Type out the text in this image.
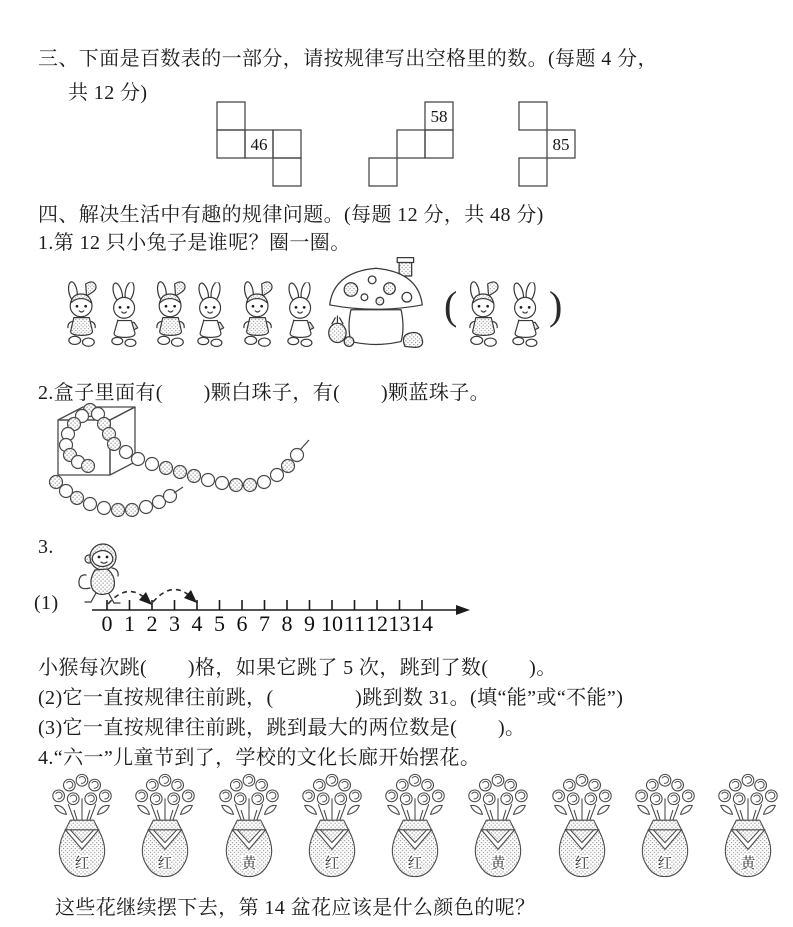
三、下面是百数表的一部分，请按规律写出空格里的数。(每题 4 分，
共 12 分)
46
58
85
四、解决生活中有趣的规律问题。(每题 12 分，共 48 分)
1.第 12 只小兔子是谁呢？圈一圈。
( )
2.盒子里面有(　　)颗白珠子，有(　　)颗蓝珠子。
3.
(1)
0 1 2 3 4 5 6 7 8 9 10 11 12 13 14
小猴每次跳(　　)格，如果它跳了 5 次，跳到了数(　　)。
(2)它一直按规律往前跳，(　　　　)跳到数 31。(填“能”或“不能”)
(3)它一直按规律往前跳，跳到最大的两位数是(　　)。
4.“六一”儿童节到了，学校的文化长廊开始摆花。
红	红	黄	红	红	黄	红	红	黄
这些花继续摆下去，第 14 盆花应该是什么颜色的呢？
